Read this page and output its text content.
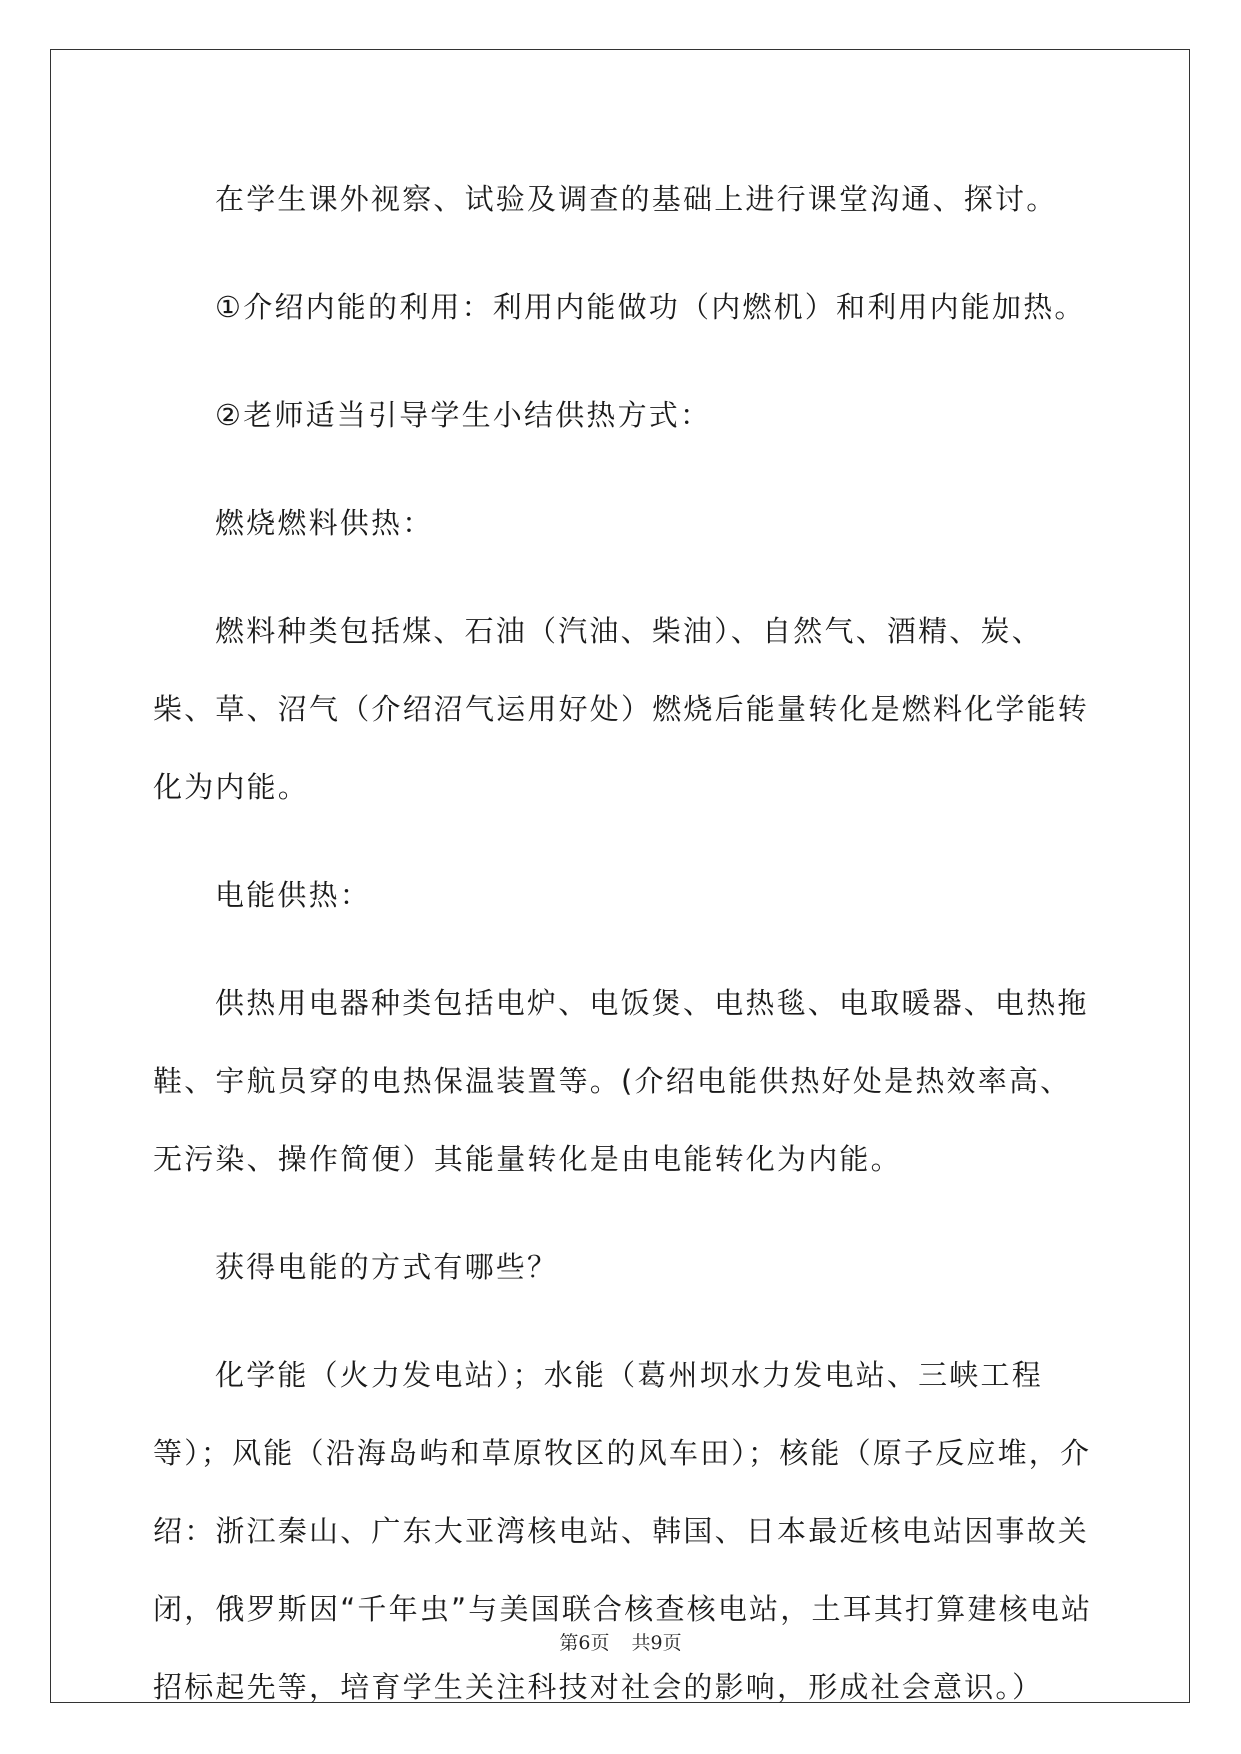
在学生课外视察、试验及调查的基础上进行课堂沟通、探讨。

①介绍内能的利用：利用内能做功（内燃机）和利用内能加热。

②老师适当引导学生小结供热方式：

燃烧燃料供热：

燃料种类包括煤、石油（汽油、柴油）、自然气、酒精、炭、柴、草、沼气（介绍沼气运用好处）燃烧后能量转化是燃料化学能转化为内能。

电能供热：

供热用电器种类包括电炉、电饭煲、电热毯、电取暖器、电热拖鞋、宇航员穿的电热保温装置等。(介绍电能供热好处是热效率高、无污染、操作简便）其能量转化是由电能转化为内能。

获得电能的方式有哪些？

化学能（火力发电站）；水能（葛州坝水力发电站、三峡工程等）；风能（沿海岛屿和草原牧区的风车田）；核能（原子反应堆，介绍：浙江秦山、广东大亚湾核电站、韩国、日本最近核电站因事故关闭，俄罗斯因“千年虫”与美国联合核查核电站，土耳其打算建核电站招标起先等，培育学生关注科技对社会的影响，形成社会意识。）

第6页 共9页
